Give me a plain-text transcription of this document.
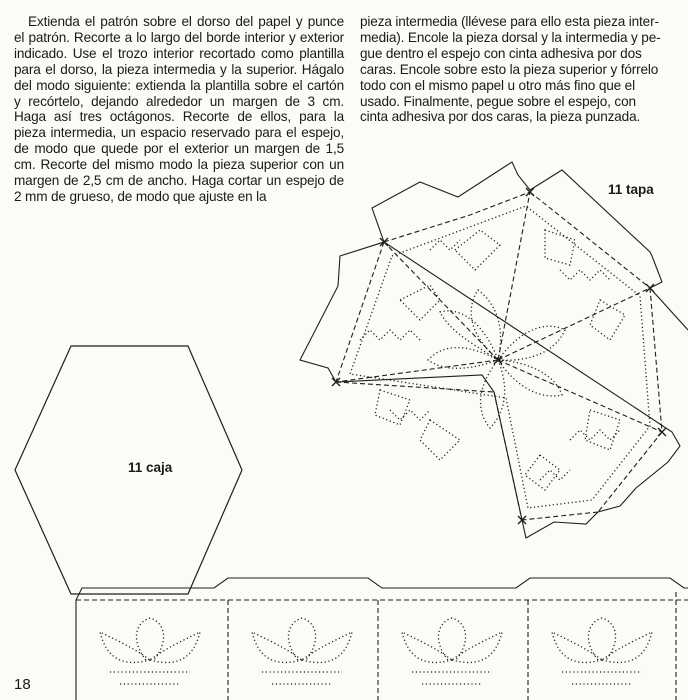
Extienda el patrón sobre el dorso del papel y punce el patrón. Recorte a lo largo del borde interior y exterior indicado. Use el trozo interior recortado como plantilla para el dorso, la pieza intermedia y la superior. Hágalo del modo siguiente: extienda la plantilla sobre el cartón y recórtelo, dejando alrededor un margen de 3 cm. Haga así tres octágonos. Recorte de ellos, para la pieza intermedia, un espacio reservado para el espejo, de modo que quede por el exterior un margen de 1,5 cm. Recorte del mismo modo la pieza superior con un margen de 2,5 cm de ancho. Haga cortar un espejo de 2 mm de grueso, de modo que ajuste en la

pieza intermedia (llévese para ello esta pieza inter-
media). Encole la pieza dorsal y la intermedia y pe-
gue dentro el espejo con cinta adhesiva por dos
caras. Encole sobre esto la pieza superior y fórrelo
todo con el mismo papel u otro más fino que el
usado. Finalmente, pegue sobre el espejo, con
cinta adhesiva por dos caras, la pieza punzada.
11 tapa
11 caja
18
